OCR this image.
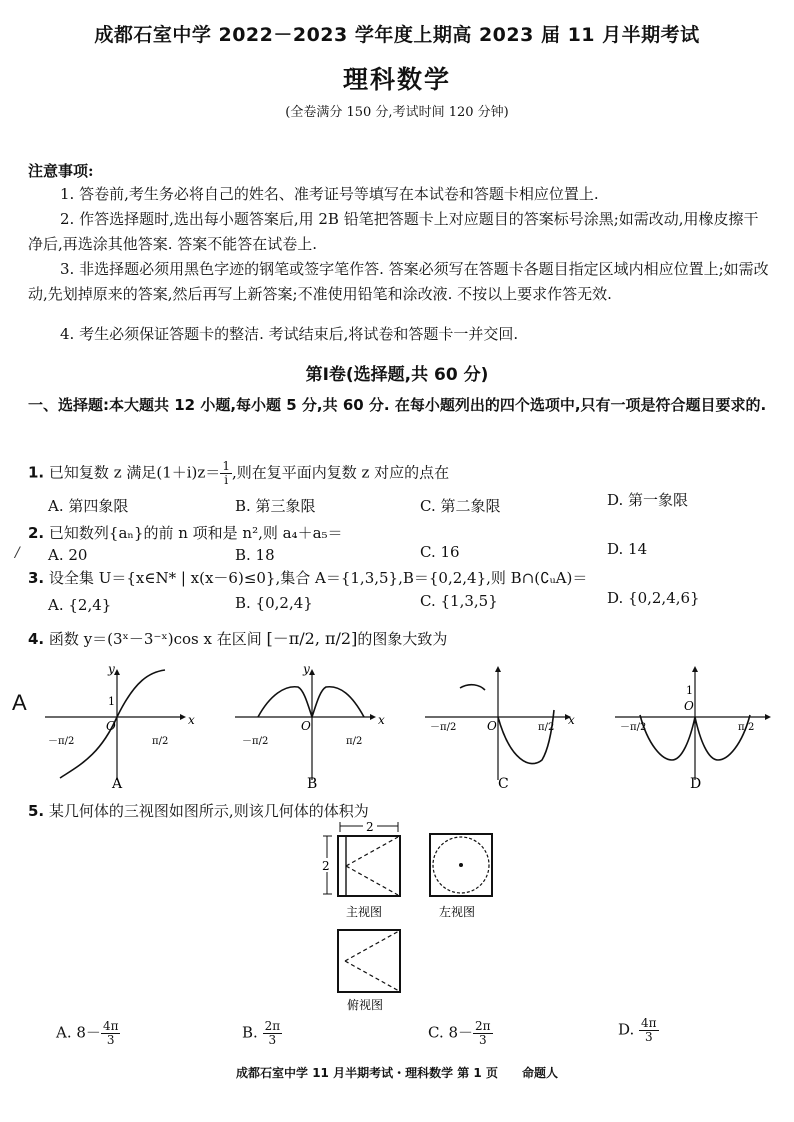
成都石室中学 2022－2023 学年度上期高 2023 届 11 月半期考试
理科数学
(全卷满分 150 分,考试时间 120 分钟)
注意事项:
1. 答卷前,考生务必将自己的姓名、准考证号等填写在本试卷和答题卡相应位置上.
2. 作答选择题时,选出每小题答案后,用 2B 铅笔把答题卡上对应题目的答案标号涂黑;如需改动,用橡皮擦干净后,再选涂其他答案. 答案不能答在试卷上.
3. 非选择题必须用黑色字迹的钢笔或签字笔作答. 答案必须写在答题卡各题目指定区域内相应位置上;如需改动,先划掉原来的答案,然后再写上新答案;不准使用铅笔和涂改液. 不按以上要求作答无效.
4. 考生必须保证答题卡的整洁. 考试结束后,将试卷和答题卡一并交回.
第Ⅰ卷(选择题,共 60 分)
一、选择题:本大题共 12 小题,每小题 5 分,共 60 分. 在每小题列出的四个选项中,只有一项是符合题目要求的.
1. 已知复数 z 满足$(1+i)z= \frac{1}{i}$ ,则在复平面内复数 z 对应的点在
A. 第四象限	B. 第三象限	C. 第二象限	D. 第一象限
2. 已知数列{aₙ}的前 n 项和是 n²,则 a₄＋a₅＝
/ A. 20	B. 18	C. 16	D. 14
3. 设全集 U＝{x∈N* | x(x－6)≤0},集合 A＝{1,3,5},B＝{0,2,4},则 B∩(∁ᵤA)＝
A. {2,4}	B. {0,2,4}	C. {1,3,5}	D. {0,2,4,6}
4. 函数 y＝(3ˣ－3⁻ˣ)cos x 在区间 [－π/2, π/2]的图象大致为
A
y
x
O
1
－π/2	π/2
A
y
x
O
－π/2	π/2
B
x
O
－π/2	π/2
C
1
O
－π/2	π/2
D
5. 某几何体的三视图如图所示,则该几何体的体积为
2
2
主视图	左视图
俯视图
A. $8- \frac{4\pi}{3}$	B. $\frac{2\pi}{3}$	C. $8- \frac{2\pi}{3}$	D. $\frac{4\pi}{3}$
成都石室中学 11 月半期考试・理科数学 第 1 页 命题人
